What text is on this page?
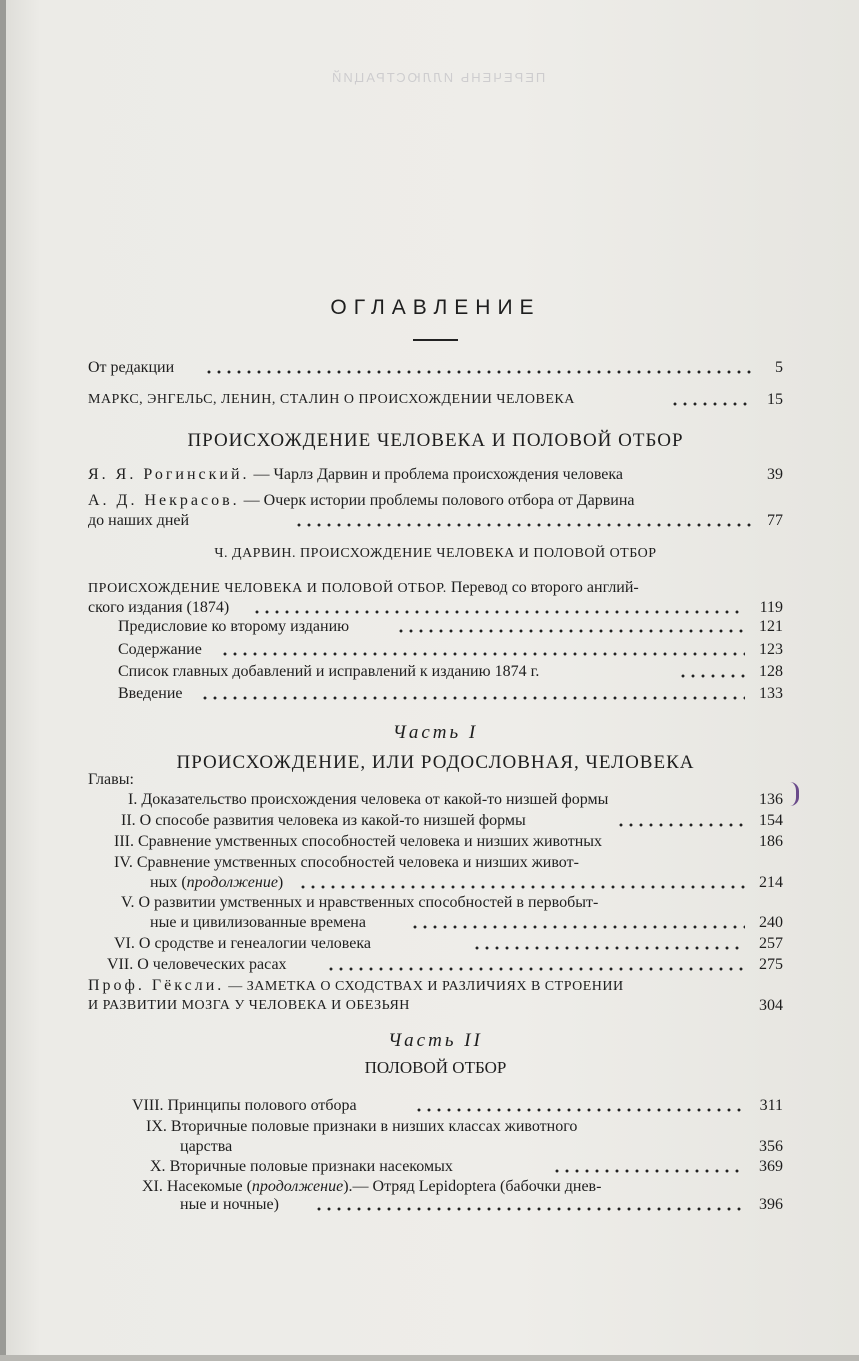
ПЕРЕЧЕНЬ ИЛЛЮСТРАЦИЙ
ОГЛАВЛЕНИЕ
От редакции	5
МАРКС, ЭНГЕЛЬС, ЛЕНИН, СТАЛИН О ПРОИСХОЖДЕНИИ ЧЕЛОВЕКА	15
ПРОИСХОЖДЕНИЕ ЧЕЛОВЕКА И ПОЛОВОЙ ОТБОР
Я. Я. Рогинский. — Чарлз Дарвин и проблема происхождения человека	39
А. Д. Некрасов. — Очерк истории проблемы полового отбора от Дарвина
до наших дней	77
Ч. ДАРВИН. ПРОИСХОЖДЕНИЕ ЧЕЛОВЕКА И ПОЛОВОЙ ОТБОР
ПРОИСХОЖДЕНИЕ ЧЕЛОВЕКА И ПОЛОВОЙ ОТБОР. Перевод со второго англий-
ского издания (1874)	119
Предисловие ко второму изданию	121
Содержание	123
Список главных добавлений и исправлений к изданию 1874 г.	128
Введение	133
Часть I
ПРОИСХОЖДЕНИЕ, ИЛИ РОДОСЛОВНАЯ, ЧЕЛОВЕКА
Главы:
I. Доказательство происхождения человека от какой-то низшей формы	136
II. О способе развития человека из какой-то низшей формы	154
III. Сравнение умственных способностей человека и низших животных	186
IV. Сравнение умственных способностей человека и низших живот-
ных (продолжение)	214
V. О развитии умственных и нравственных способностей в первобыт-
ные и цивилизованные времена	240
VI. О сродстве и генеалогии человека	257
VII. О человеческих расах	275
Проф. Гёксли. — ЗАМЕТКА О СХОДСТВАХ И РАЗЛИЧИЯХ В СТРОЕНИИ
И РАЗВИТИИ МОЗГА У ЧЕЛОВЕКА И ОБЕЗЬЯН	304
Часть II
ПОЛОВОЙ ОТБОР
VIII. Принципы полового отбора	311
IX. Вторичные половые признаки в низших классах животного
царства	356
X. Вторичные половые признаки насекомых	369
XI. Насекомые (продолжение).— Отряд Lepidoptera (бабочки днев-
ные и ночные)	396
